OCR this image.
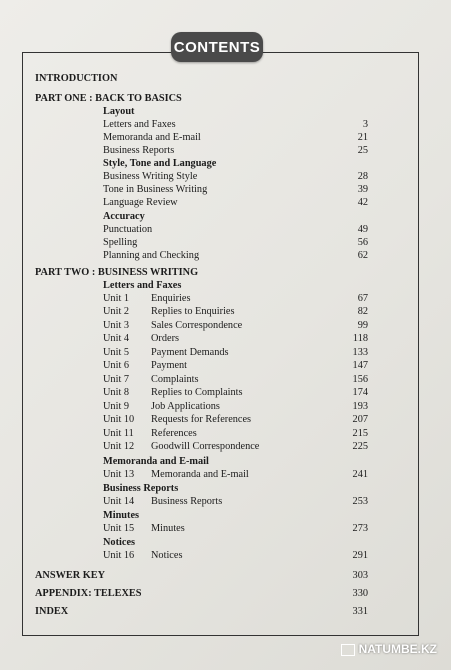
CONTENTS
INTRODUCTION
PART ONE : BACK TO BASICS
Layout
Letters and Faxes	3
Memoranda and E-mail	21
Business Reports	25
Style, Tone and Language
Business Writing Style	28
Tone in Business Writing	39
Language Review	42
Accuracy
Punctuation	49
Spelling	56
Planning and Checking	62
PART TWO : BUSINESS WRITING
Letters and Faxes
Unit 1 Enquiries	67
Unit 2 Replies to Enquiries	82
Unit 3 Sales Correspondence	99
Unit 4 Orders	118
Unit 5 Payment Demands	133
Unit 6 Payment	147
Unit 7 Complaints	156
Unit 8 Replies to Complaints	174
Unit 9 Job Applications	193
Unit 10 Requests for References	207
Unit 11 References	215
Unit 12 Goodwill Correspondence	225
Memoranda and E-mail
Unit 13 Memoranda and E-mail	241
Business Reports
Unit 14 Business Reports	253
Minutes
Unit 15 Minutes	273
Notices
Unit 16 Notices	291
ANSWER KEY	303
APPENDIX: TELEXES	330
INDEX	331
NATUMBE.KZ
